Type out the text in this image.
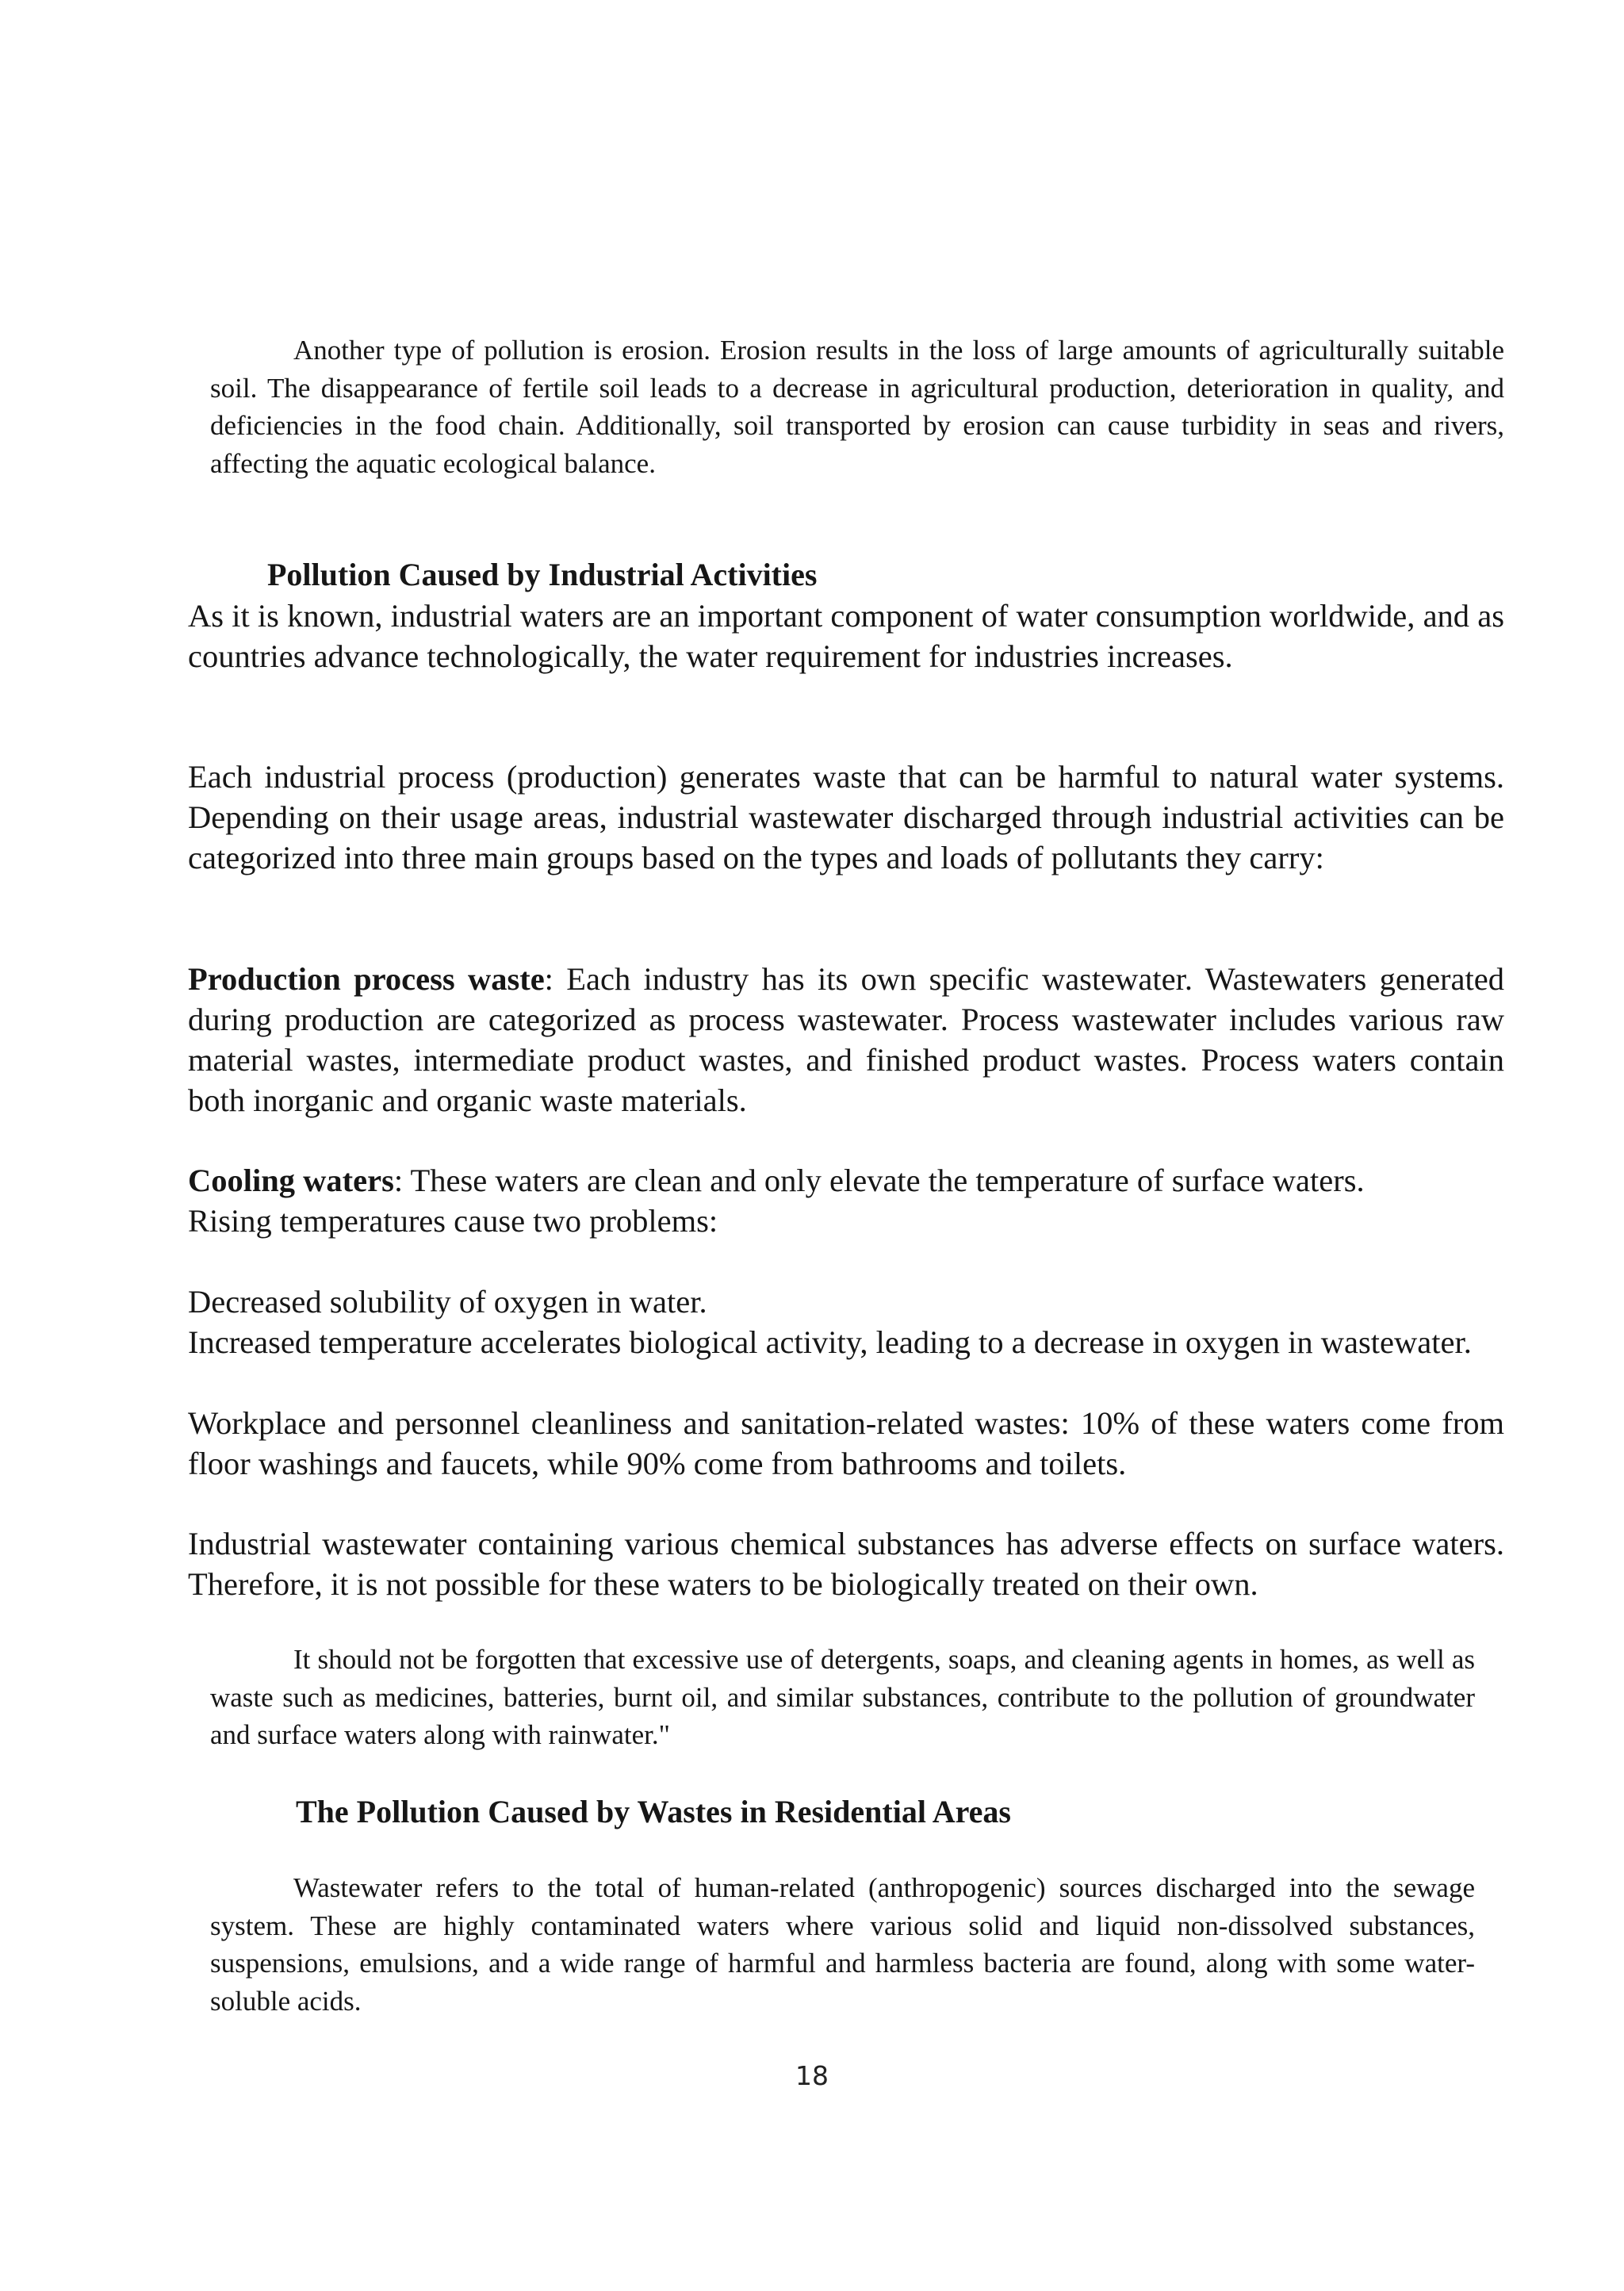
Another type of pollution is erosion. Erosion results in the loss of large amounts of agriculturally suitable soil. The disappearance of fertile soil leads to a decrease in agricultural production, deterioration in quality, and deficiencies in the food chain. Additionally, soil transported by erosion can cause turbidity in seas and rivers, affecting the aquatic ecological balance.

Pollution Caused by Industrial Activities

As it is known, industrial waters are an important component of water consumption worldwide, and as countries advance technologically, the water requirement for industries increases.

Each industrial process (production) generates waste that can be harmful to natural water systems. Depending on their usage areas, industrial wastewater discharged through industrial activities can be categorized into three main groups based on the types and loads of pollutants they carry:

Production process waste: Each industry has its own specific wastewater. Wastewaters generated during production are categorized as process wastewater. Process wastewater includes various raw material wastes, intermediate product wastes, and finished product wastes. Process waters contain both inorganic and organic waste materials.

Cooling waters: These waters are clean and only elevate the temperature of surface waters.

Rising temperatures cause two problems:

Decreased solubility of oxygen in water.

Increased temperature accelerates biological activity, leading to a decrease in oxygen in wastewater.

Workplace and personnel cleanliness and sanitation-related wastes: 10% of these waters come from floor washings and faucets, while 90% come from bathrooms and toilets.

Industrial wastewater containing various chemical substances has adverse effects on surface waters. Therefore, it is not possible for these waters to be biologically treated on their own.

It should not be forgotten that excessive use of detergents, soaps, and cleaning agents in homes, as well as waste such as medicines, batteries, burnt oil, and similar substances, contribute to the pollution of groundwater and surface waters along with rainwater."

The Pollution Caused by Wastes in Residential Areas

Wastewater refers to the total of human-related (anthropogenic) sources discharged into the sewage system. These are highly contaminated waters where various solid and liquid non-dissolved substances, suspensions, emulsions, and a wide range of harmful and harmless bacteria are found, along with some water-soluble acids.

18
